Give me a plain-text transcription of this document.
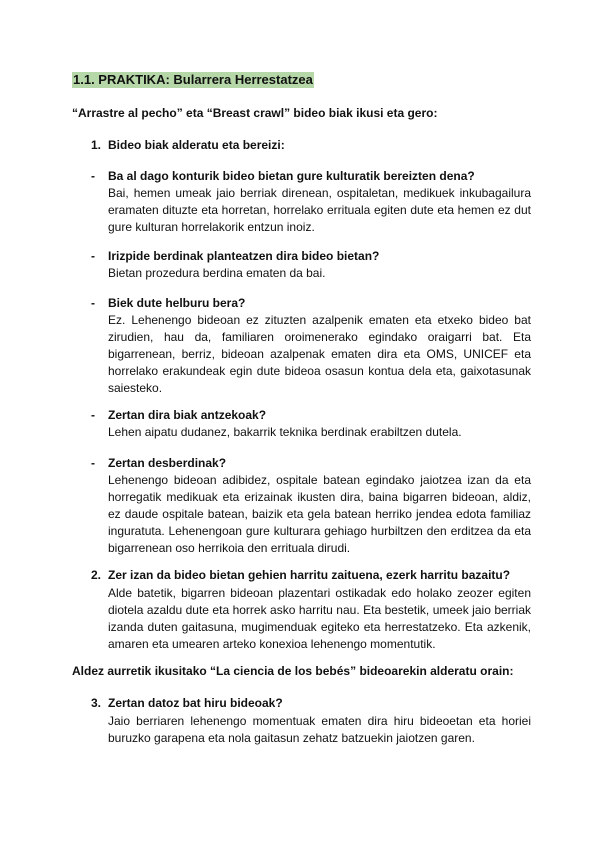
1.1. PRAKTIKA: Bularrera Herrestatzea
“Arrastre al pecho” eta “Breast crawl” bideo biak ikusi eta gero:
1. Bideo biak alderatu eta bereizi:
- Ba al dago konturik bideo bietan gure kulturatik bereizten dena?
Bai, hemen umeak jaio berriak direnean, ospitaletan, medikuek inkubagailura eramaten dituzte eta horretan, horrelako errituala egiten dute eta hemen ez dut gure kulturan horrelakorik entzun inoiz.
- Irizpide berdinak planteatzen dira bideo bietan?
Bietan prozedura berdina ematen da bai.
- Biek dute helburu bera?
Ez. Lehenengo bideoan ez zituzten azalpenik ematen eta etxeko bideo bat zirudien, hau da, familiaren oroimenerako egindako oraigarri bat. Eta bigarrenean, berriz, bideoan azalpenak ematen dira eta OMS, UNICEF eta horrelako erakundeak egin dute bideoa osasun kontua dela eta, gaixotasunak saiesteko.
- Zertan dira biak antzekoak?
Lehen aipatu dudanez, bakarrik teknika berdinak erabiltzen dutela.
- Zertan desberdinak?
Lehenengo bideoan adibidez, ospitale batean egindako jaiotzea izan da eta horregatik medikuak eta erizainak ikusten dira, baina bigarren bideoan, aldiz, ez daude ospitale batean, baizik eta gela batean herriko jendea edota familiaz inguratuta. Lehenengoan gure kulturara gehiago hurbiltzen den erditzea da eta bigarrenean oso herrikoia den errituala dirudi.
2. Zer izan da bideo bietan gehien harritu zaituena, ezerk harritu bazaitu?
Alde batetik, bigarren bideoan plazentari ostikadak edo holako zeozer egiten diotela azaldu dute eta horrek asko harritu nau. Eta bestetik, umeek jaio berriak izanda duten gaitasuna, mugimenduak egiteko eta herrestatzeko. Eta azkenik, amaren eta umearen arteko konexioa lehenengo momentutik.
Aldez aurretik ikusitako “La ciencia de los bebés” bideoarekin alderatu orain:
3. Zertan datoz bat hiru bideoak?
Jaio berriaren lehenengo momentuak ematen dira hiru bideoetan eta horiei buruzko garapena eta nola gaitasun zehatz batzuekin jaiotzen garen.
